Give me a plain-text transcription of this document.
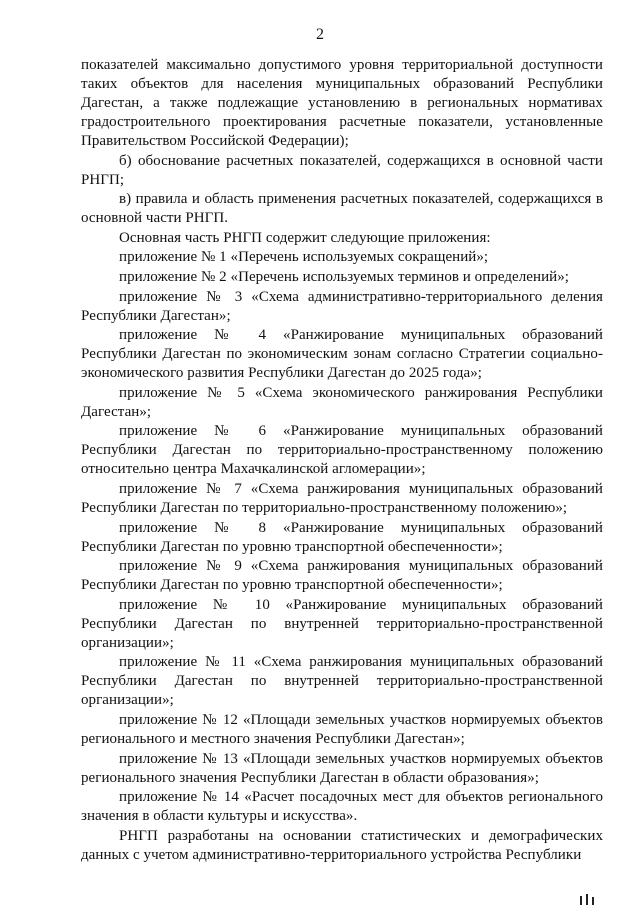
2

показателей максимально допустимого уровня территориальной доступности таких объектов для населения муниципальных образований Республики Дагестан, а также подлежащие установлению в региональных нормативах градостроительного проектирования расчетные показатели, установленные Правительством Российской Федерации);

б) обоснование расчетных показателей, содержащихся в основной части РНГП;

в) правила и область применения расчетных показателей, содержащихся в основной части РНГП.

Основная часть РНГП содержит следующие приложения:

приложение № 1 «Перечень используемых сокращений»;

приложение № 2 «Перечень используемых терминов и определений»;

приложение № 3 «Схема административно-территориального деления Республики Дагестан»;

приложение № 4 «Ранжирование муниципальных образований Республики Дагестан по экономическим зонам согласно Стратегии социально-экономического развития Республики Дагестан до 2025 года»;

приложение № 5 «Схема экономического ранжирования Республики Дагестан»;

приложение № 6 «Ранжирование муниципальных образований Республики Дагестан по территориально-пространственному положению относительно центра Махачкалинской агломерации»;

приложение № 7 «Схема ранжирования муниципальных образований Республики Дагестан по территориально-пространственному положению»;

приложение № 8 «Ранжирование муниципальных образований Республики Дагестан по уровню транспортной обеспеченности»;

приложение № 9 «Схема ранжирования муниципальных образований Республики Дагестан по уровню транспортной обеспеченности»;

приложение № 10 «Ранжирование муниципальных образований Республики Дагестан по внутренней территориально-пространственной организации»;

приложение № 11 «Схема ранжирования муниципальных образований Республики Дагестан по внутренней территориально-пространственной организации»;

приложение № 12 «Площади земельных участков нормируемых объектов регионального и местного значения Республики Дагестан»;

приложение № 13 «Площади земельных участков нормируемых объектов регионального значения Республики Дагестан в области образования»;

приложение № 14 «Расчет посадочных мест для объектов регионального значения в области культуры и искусства».

РНГП разработаны на основании статистических и демографических данных с учетом административно-территориального устройства Республики
